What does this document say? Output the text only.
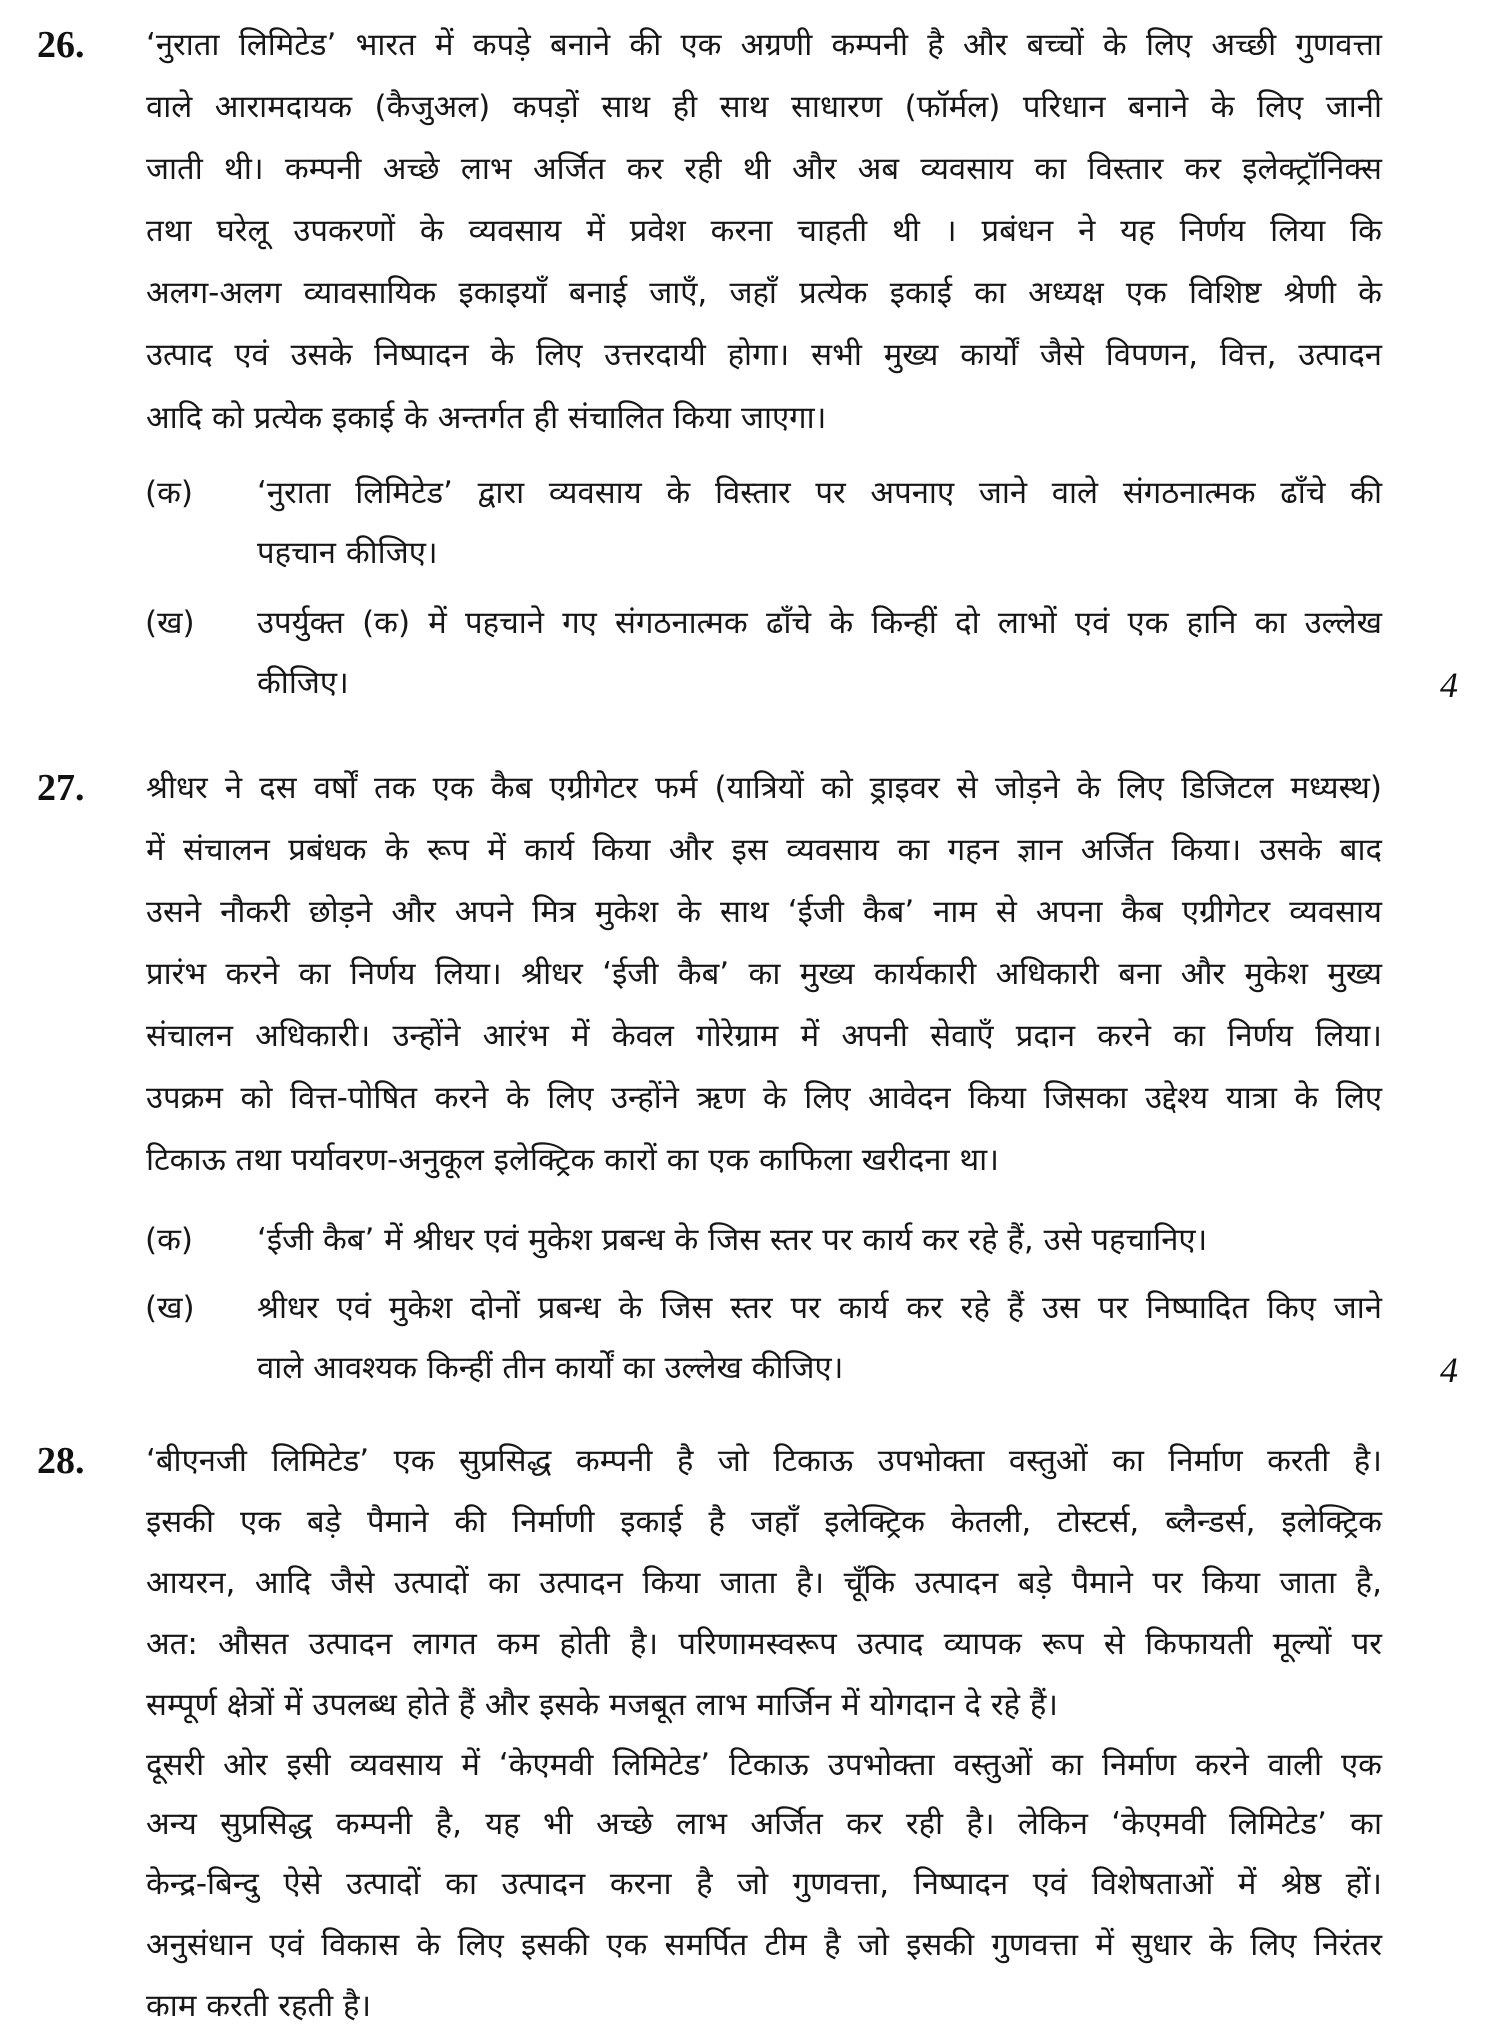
26.	‘नुराता लिमिटेड’ भारत में कपड़े बनाने की एक अग्रणी कम्पनी है और बच्चों के लिए अच्छी गुणवत्ता
वाले आरामदायक (कैजुअल) कपड़ों साथ ही साथ साधारण (फॉर्मल) परिधान बनाने के लिए जानी
जाती थी। कम्पनी अच्छे लाभ अर्जित कर रही थी और अब व्यवसाय का विस्तार कर इलेक्ट्रॉनिक्स
तथा घरेलू उपकरणों के व्यवसाय में प्रवेश करना चाहती थी । प्रबंधन ने यह निर्णय लिया कि
अलग-अलग व्यावसायिक इकाइयाँ बनाई जाएँ, जहाँ प्रत्येक इकाई का अध्यक्ष एक विशिष्ट श्रेणी के
उत्पाद एवं उसके निष्पादन के लिए उत्तरदायी होगा। सभी मुख्य कार्यों जैसे विपणन, वित्त, उत्पादन
आदि को प्रत्येक इकाई के अन्तर्गत ही संचालित किया जाएगा।
(क)	‘नुराता लिमिटेड’ द्वारा व्यवसाय के विस्तार पर अपनाए जाने वाले संगठनात्मक ढाँचे की
पहचान कीजिए।
(ख)	उपर्युक्त (क) में पहचाने गए संगठनात्मक ढाँचे के किन्हीं दो लाभों एवं एक हानि का उल्लेख
कीजिए।	4
27.	श्रीधर ने दस वर्षों तक एक कैब एग्रीगेटर फर्म (यात्रियों को ड्राइवर से जोड़ने के लिए डिजिटल मध्यस्थ)
में संचालन प्रबंधक के रूप में कार्य किया और इस व्यवसाय का गहन ज्ञान अर्जित किया। उसके बाद
उसने नौकरी छोड़ने और अपने मित्र मुकेश के साथ ‘ईजी कैब’ नाम से अपना कैब एग्रीगेटर व्यवसाय
प्रारंभ करने का निर्णय लिया। श्रीधर ‘ईजी कैब’ का मुख्य कार्यकारी अधिकारी बना और मुकेश मुख्य
संचालन अधिकारी। उन्होंने आरंभ में केवल गोरेग्राम में अपनी सेवाएँ प्रदान करने का निर्णय लिया।
उपक्रम को वित्त-पोषित करने के लिए उन्होंने ऋण के लिए आवेदन किया जिसका उद्देश्य यात्रा के लिए
टिकाऊ तथा पर्यावरण-अनुकूल इलेक्ट्रिक कारों का एक काफिला खरीदना था।
(क)	‘ईजी कैब’ में श्रीधर एवं मुकेश प्रबन्ध के जिस स्तर पर कार्य कर रहे हैं, उसे पहचानिए।
(ख)	श्रीधर एवं मुकेश दोनों प्रबन्ध के जिस स्तर पर कार्य कर रहे हैं उस पर निष्पादित किए जाने
वाले आवश्यक किन्हीं तीन कार्यों का उल्लेख कीजिए।	4
28.	‘बीएनजी लिमिटेड’ एक सुप्रसिद्ध कम्पनी है जो टिकाऊ उपभोक्ता वस्तुओं का निर्माण करती है।
इसकी एक बड़े पैमाने की निर्माणी इकाई है जहाँ इलेक्ट्रिक केतली, टोस्टर्स, ब्लैन्डर्स, इलेक्ट्रिक
आयरन, आदि जैसे उत्पादों का उत्पादन किया जाता है। चूँकि उत्पादन बड़े पैमाने पर किया जाता है,
अत: औसत उत्पादन लागत कम होती है। परिणामस्वरूप उत्पाद व्यापक रूप से किफायती मूल्यों पर
सम्पूर्ण क्षेत्रों में उपलब्ध होते हैं और इसके मजबूत लाभ मार्जिन में योगदान दे रहे हैं।
दूसरी ओर इसी व्यवसाय में ‘केएमवी लिमिटेड’ टिकाऊ उपभोक्ता वस्तुओं का निर्माण करने वाली एक
अन्य सुप्रसिद्ध कम्पनी है, यह भी अच्छे लाभ अर्जित कर रही है। लेकिन ‘केएमवी लिमिटेड’ का
केन्द्र-बिन्दु ऐसे उत्पादों का उत्पादन करना है जो गुणवत्ता, निष्पादन एवं विशेषताओं में श्रेष्ठ हों।
अनुसंधान एवं विकास के लिए इसकी एक समर्पित टीम है जो इसकी गुणवत्ता में सुधार के लिए निरंतर
काम करती रहती है।
